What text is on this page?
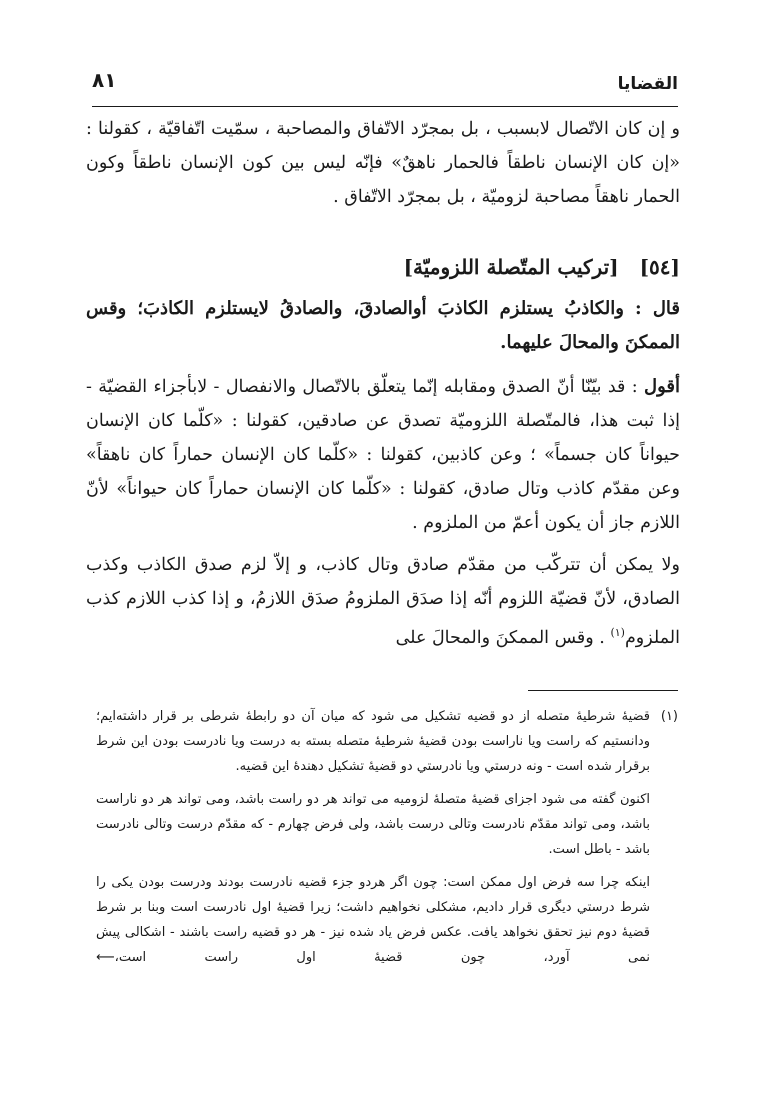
القضايا
٨١

و إن كان الاتّصال لابسبب ، بل بمجرّد الاتّفاق والمصاحبة ، سمّيت اتّفاقيّة ، كقولنا : «إن كان الإنسان ناطقاً فالحمار ناهقٌ» فإنّه ليس بين كون الإنسان ناطقاً وكون الحمار ناهقاً مصاحبة لزوميّة ، بل بمجرّد الاتّفاق .

[٥٤] [تركيب المتّصلة اللزوميّة]

قال : والكاذبُ يستلزم الكاذبَ أوالصادقَ، والصادقُ لايستلزم الكاذبَ؛ وقس الممكنَ والمحالَ عليهما.

أقول : قد بيّنّا أنّ الصدق ومقابله إنّما يتعلّق بالاتّصال والانفصال - لابأجزاء القضيّة - إذا ثبت هذا، فالمتّصلة اللزوميّة تصدق عن صادقين، كقولنا : «كلّما كان الإنسان حيواناً كان جسماً» ؛ وعن كاذبين، كقولنا : «كلّما كان الإنسان حماراً كان ناهقاً» وعن مقدّم كاذب وتال صادق، كقولنا : «كلّما كان الإنسان حماراً كان حيواناً» لأنّ اللازم جاز أن يكون أعمّ من الملزوم .

ولا يمكن أن تتركّب من مقدّم صادق وتال كاذب، و إلاّ لزم صدق الكاذب وكذب الصادق، لأنّ قضيّة اللزوم أنّه إذا صدَق الملزومُ صدَق اللازمُ، و إذا كذب اللازم كذب الملزوم$^{(١)}$ . وقس الممكنَ والمحالَ على

(١)
قضيهٔ شرطيهٔ متصله از دو قضيه تشكيل مى شود كه ميان آن دو رابطهٔ شرطى بر قرار داشته‌ايم؛ ودانستيم كه راست ويا ناراست بودن قضيهٔ شرطيهٔ متصله بسته به درست ويا نادرست بودن اين شرط برقرار شده است - ونه درستي ويا نادرستي دو قضيهٔ تشكيل دهندهٔ اين قضيه.
اكنون گفته مى شود اجزاى قضيهٔ متصلهٔ لزوميه مى تواند هر دو راست باشد، ومى تواند هر دو ناراست باشد، ومى تواند مقدّم نادرست وتالى درست باشد، ولى فرض چهارم - كه مقدّم درست وتالى نادرست باشد - باطل است.
اينكه چرا سه فرض اول ممكن است: چون اگر هردو جزء قضيه نادرست بودند ودرست بودن يكى را شرط درستي ديگرى قرار داديم، مشكلى نخواهيم داشت؛ زيرا قضيهٔ اول نادرست است وبنا بر شرط قضيهٔ دوم نيز تحقق نخواهد يافت. عكس فرض ياد شده نيز - هر دو قضيه راست باشند - اشكالى پيش نمى آورد، چون قضيهٔ اول راست است،⟵
